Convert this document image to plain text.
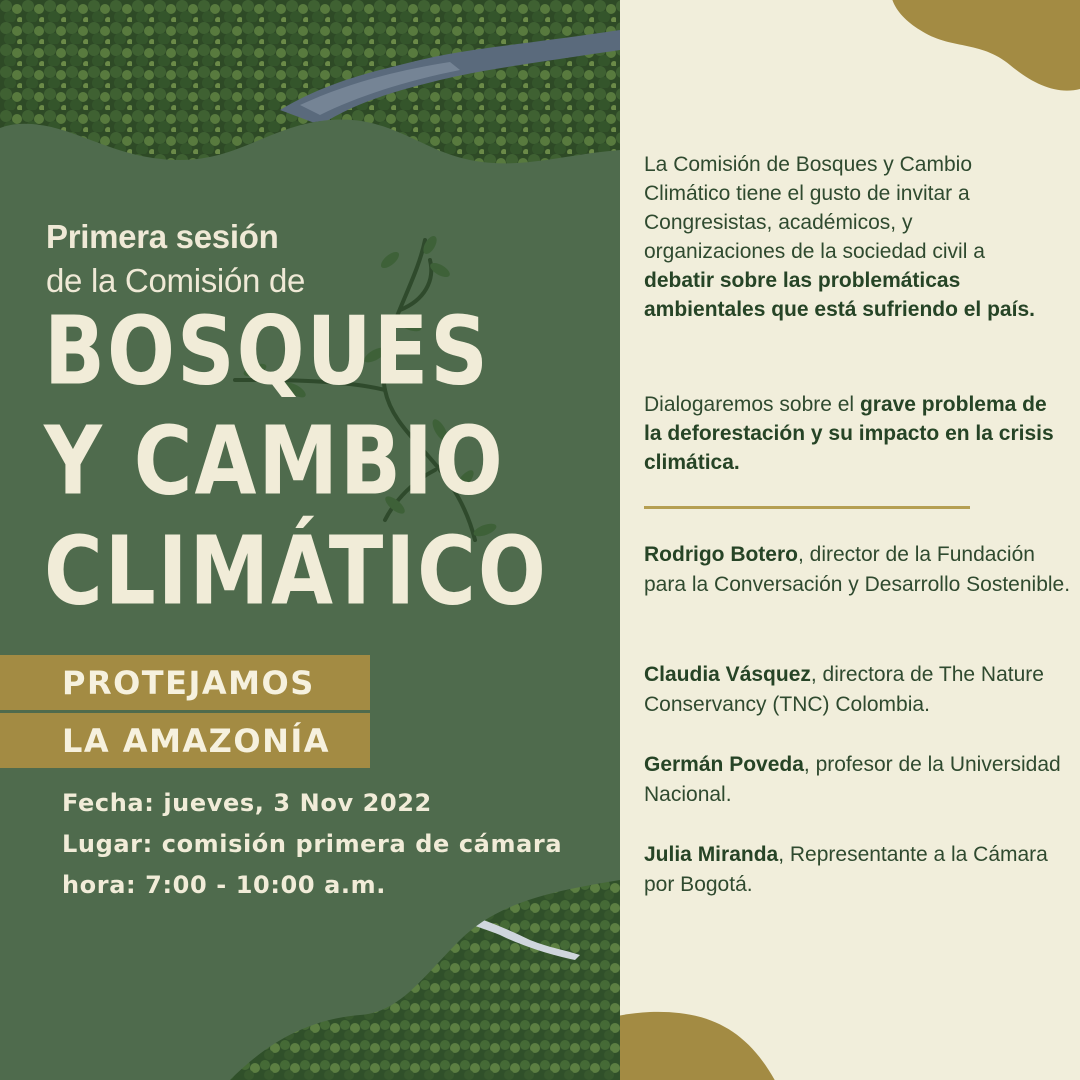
Primera sesión
de la Comisión de
BOSQUES
Y CAMBIO
CLIMÁTICO
PROTEJAMOS
LA AMAZONÍA
Fecha: jueves, 3 Nov 2022
Lugar: comisión primera de cámara
hora: 7:00 - 10:00 a.m.
La Comisión de Bosques y Cambio Climático tiene el gusto de invitar a Congresistas, académicos, y organizaciones de la sociedad civil a debatir sobre las problemáticas ambientales que está sufriendo el país.
Dialogaremos sobre el grave problema de la deforestación y su impacto en la crisis climática.
Rodrigo Botero, director de la Fundación para la Conversación y Desarrollo Sostenible.
Claudia Vásquez, directora de The Nature Conservancy (TNC) Colombia.
Germán Poveda, profesor de la Universidad Nacional.
Julia Miranda, Representante a la Cámara por Bogotá.
